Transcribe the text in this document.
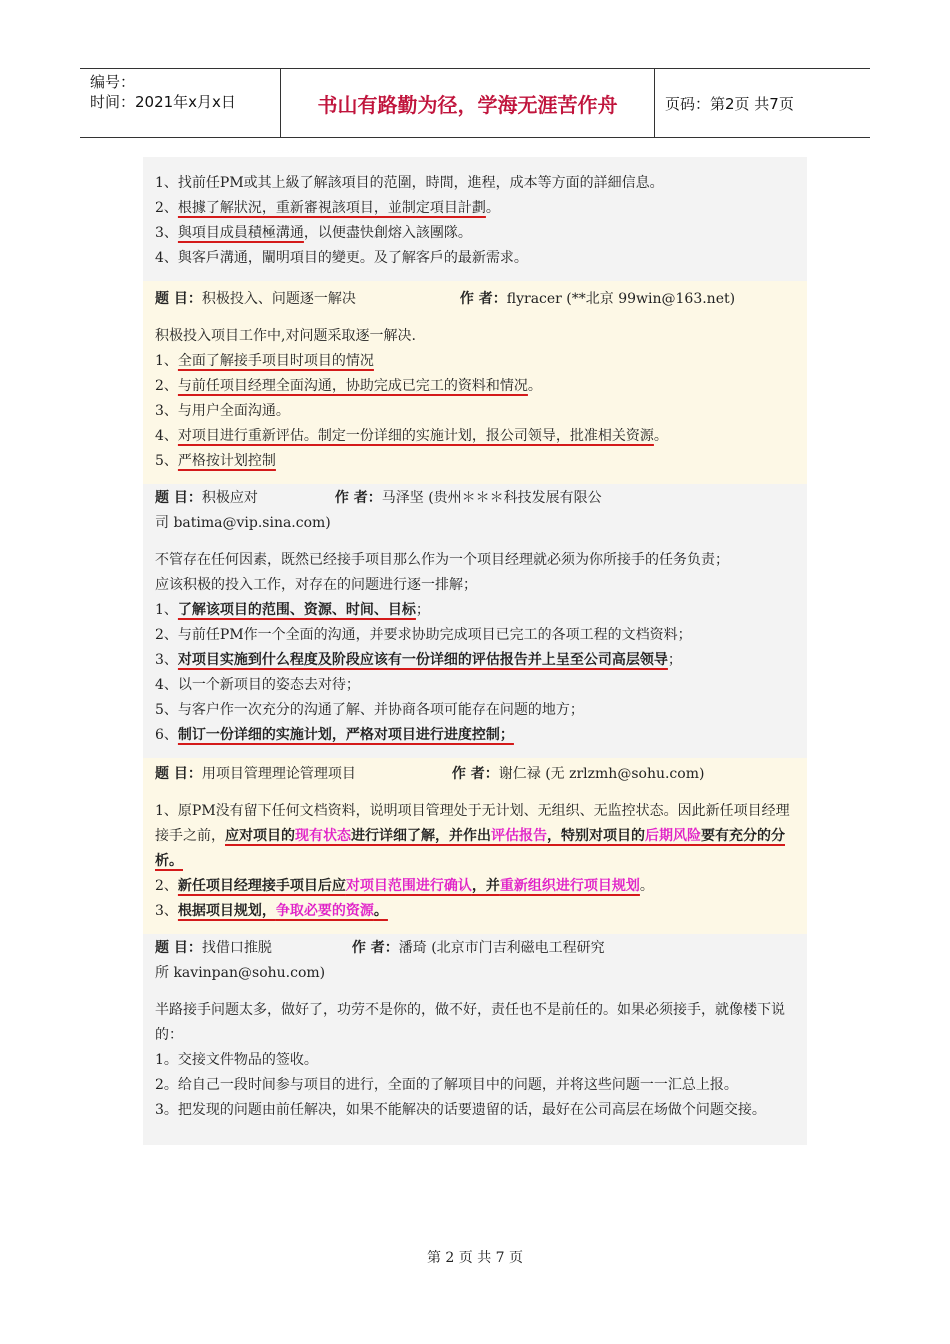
编号：
时间：2021年x月x日	书山有路勤为径，学海无涯苦作舟	页码：第2页 共7页
1、找前任PM或其上級了解該項目的范圍，時間，進程，成本等方面的詳細信息。
2、根據了解狀況，重新審視該項目，並制定項目計劃。
3、與項目成員積極溝通，以便盡快創熔入該團隊。
4、與客戶溝通，闡明項目的變更。及了解客戶的最新需求。
题 目：积极投入、问题逐一解决	作 者：flyracer (**北京 99win@163.net)
积极投入项目工作中,对问题采取逐一解决.
1、全面了解接手项目时项目的情况
2、与前任项目经理全面沟通，协助完成已完工的资料和情况。
3、与用户全面沟通。
4、对项目进行重新评估。制定一份详细的实施计划，报公司领导，批准相关资源。
5、严格按计划控制
题 目：积极应对	作 者：马泽坚 (贵州＊＊＊科技发展有限公
司 batima@vip.sina.com)
不管存在任何因素，既然已经接手项目那么作为一个项目经理就必须为你所接手的任务负责；
应该积极的投入工作，对存在的问题进行逐一排解；
1、了解该项目的范围、资源、时间、目标；
2、与前任PM作一个全面的沟通，并要求协助完成项目已完工的各项工程的文档资料；
3、对项目实施到什么程度及阶段应该有一份详细的评估报告并上呈至公司高层领导；
4、以一个新项目的姿态去对待；
5、与客户作一次充分的沟通了解、并协商各项可能存在问题的地方；
6、制订一份详细的实施计划，严格对项目进行进度控制；
题 目：用项目管理理论管理项目	作 者：谢仁禄 (无 zrlzmh@sohu.com)
1、原PM没有留下任何文档资料，说明项目管理处于无计划、无组织、无监控状态。因此新任项目经理接手之前，应对项目的现有状态进行详细了解，并作出评估报告，特别对项目的后期风险要有充分的分析。
2、新任项目经理接手项目后应对项目范围进行确认，并重新组织进行项目规划。
3、根据项目规划，争取必要的资源。
题 目：找借口推脱	作 者：潘琦 (北京市门吉利磁电工程研究
所 kavinpan@sohu.com)
半路接手问题太多，做好了，功劳不是你的，做不好，责任也不是前任的。如果必须接手，就像楼下说的：
1。交接文件物品的签收。
2。给自己一段时间参与项目的进行，全面的了解项目中的问题，并将这些问题一一汇总上报。
3。把发现的问题由前任解决，如果不能解决的话要遗留的话，最好在公司高层在场做个问题交接。
第 2 页 共 7 页
